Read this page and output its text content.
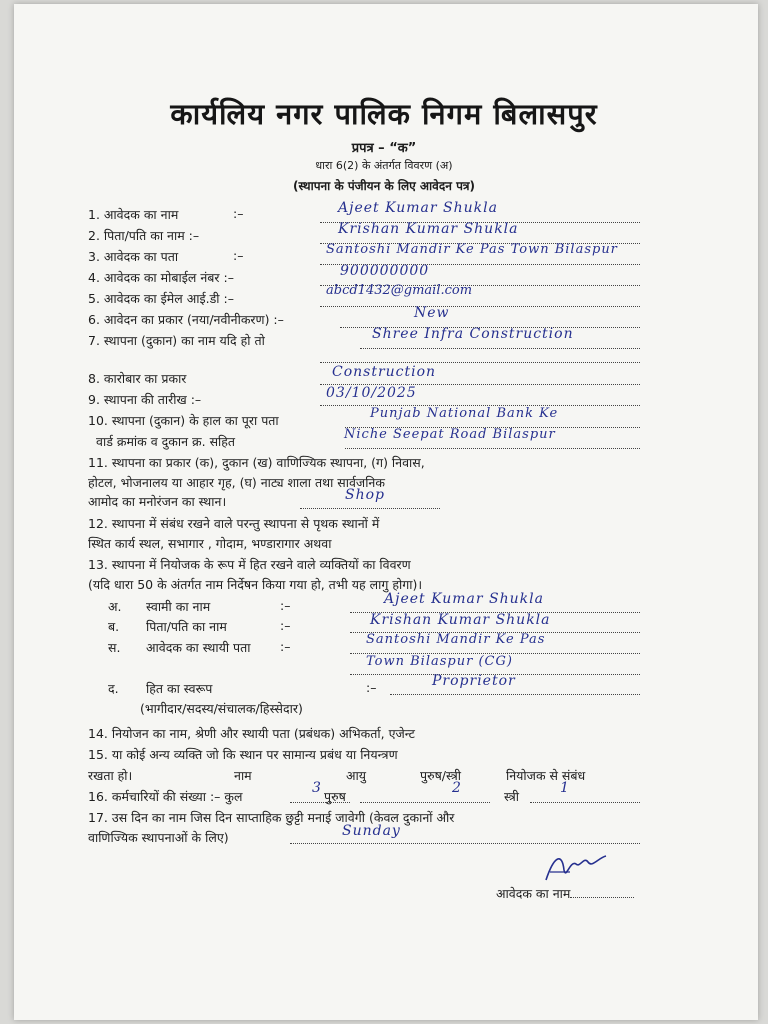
कार्यलिय नगर पालिक निगम बिलासपुर
प्रपत्र – “क”
धारा 6(2) के अंतर्गत विवरण (अ)
(स्थापना के पंजीयन के लिए आवेदन पत्र)
1. आवेदक का नाम	:–	Ajeet Kumar Shukla
2. पिता/पति का नाम :–	Krishan Kumar Shukla
3. आवेदक का पता	:–	Santoshi Mandir Ke Pas Town Bilaspur
4. आवेदक का मोबाईल नंबर :–	900000000
5. आवेदक का ईमेल आई.डी :–
abcd1432@gmail.com
6. आवेदन का प्रकार (नया/नवीनीकरण) :–	New
7. स्थापना (दुकान) का नाम यदि हो तो	Shree Infra Construction
8. कारोबार का प्रकार	Construction
9. स्थापना की तारीख :–	03/10/2025
10. स्थापना (दुकान) के हाल का पूरा पता
वार्ड क्रमांक व दुकान क्र. सहित
Punjab National Bank Ke
Niche Seepat Road Bilaspur
11. स्थापना का प्रकार (क), दुकान (ख) वाणिज्यिक स्थापना, (ग) निवास,
होटल, भोजनालय या आहार गृह, (घ) नाट्य शाला तथा सार्वजनिक
आमोद का मनोरंजन का स्थान।	Shop
12. स्थापना में संबंध रखने वाले परन्तु स्थापना से पृथक स्थानों में
स्थित कार्य स्थल, सभागार , गोदाम, भण्डारागार अथवा
13. स्थापना में नियोजक के रूप में हित रखने वाले व्यक्तियों का विवरण
(यदि धारा 50 के अंतर्गत नाम निर्देषन किया गया हो, तभी यह लागु होगा)।
अ. स्वामी का नाम	:–	Ajeet Kumar Shukla
ब. पिता/पति का नाम	:–	Krishan Kumar Shukla
स. आवेदक का स्थायी पता :–	Santoshi Mandir Ke Pas
Town Bilaspur (CG)
द. हित का स्वरूप	:–	Proprietor
(भागीदार/सदस्य/संचालक/हिस्सेदार)
14. नियोजन का नाम, श्रेणी और स्थायी पता (प्रबंधक) अभिकर्ता, एजेन्ट
15. या कोई अन्य व्यक्ति जो कि स्थान पर सामान्य प्रबंध या नियन्त्रण
रखता हो।	नाम	आयु	पुरुष/स्त्री	नियोजक से संबंध
16. कर्मचारियों की संख्या :– कुल	पुरुष	स्त्री
3	2	1
17. उस दिन का नाम जिस दिन साप्ताहिक छुट्टी मनाई जावेगी (केवल दुकानों और
वाणिज्यिक स्थापनाओं के लिए)	Sunday
आवेदक का नाम
